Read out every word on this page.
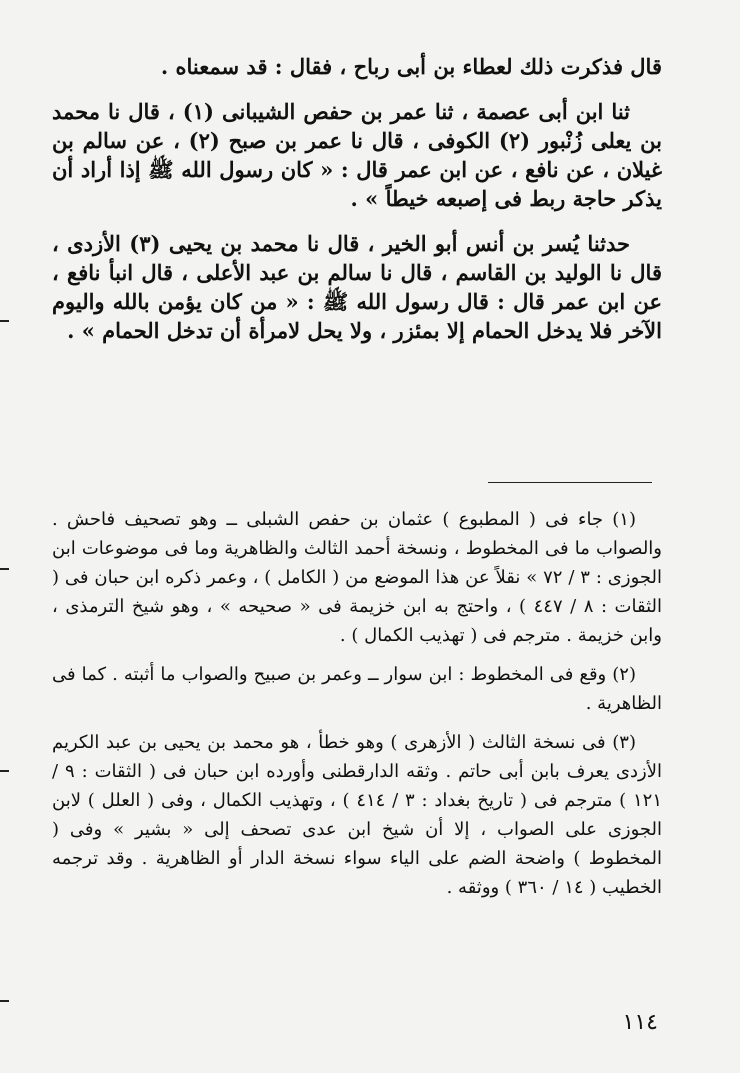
قال فذكرت ذلك لعطاء بن أبى رباح ، فقال : قد سمعناه .

ثنا ابن أبى عصمة ، ثنا عمر بن حفص الشيبانى (١) ، قال نا محمد بن يعلى زُنْبور (٢) الكوفى ، قال نا عمر بن صبح (٢) ، عن سالم بن غيلان ، عن نافع ، عن ابن عمر قال : « كان رسول الله ﷺ إذا أراد أن يذكر حاجة ربط فى إصبعه خيطاً » .

حدثنا يُسر بن أنس أبو الخير ، قال نا محمد بن يحيى (٣) الأزدى ، قال نا الوليد بن القاسم ، قال نا سالم بن عبد الأعلى ، قال انبأ نافع ، عن ابن عمر قال : قال رسول الله ﷺ : « من كان يؤمن بالله واليوم الآخر فلا يدخل الحمام إلا بمئزر ، ولا يحل لامرأة أن تدخل الحمام » .

(١) جاء فى ( المطبوع ) عثمان بن حفص الشبلى ــ وهو تصحيف فاحش . والصواب ما فى المخطوط ، ونسخة أحمد الثالث والظاهرية وما فى موضوعات ابن الجوزى : ٣ / ٧٢ » نقلاً عن هذا الموضع من ( الكامل ) ، وعمر ذكره ابن حبان فى ( الثقات : ٨ / ٤٤٧ ) ، واحتج به ابن خزيمة فى « صحيحه » ، وهو شيخ الترمذى ، وابن خزيمة . مترجم فى ( تهذيب الكمال ) .

(٢) وقع فى المخطوط : ابن سوار ــ وعمر بن صبيح والصواب ما أثبته . كما فى الظاهرية .

(٣) فى نسخة الثالث ( الأزهرى ) وهو خطأ ، هو محمد بن يحيى بن عبد الكريم الأزدى يعرف بابن أبى حاتم . وثقه الدارقطنى وأورده ابن حبان فى ( الثقات : ٩ / ١٢١ ) مترجم فى ( تاريخ بغداد : ٣ / ٤١٤ ) ، وتهذيب الكمال ، وفى ( العلل ) لابن الجوزى على الصواب ، إلا أن شيخ ابن عدى تصحف إلى « بشير » وفى ( المخطوط ) واضحة الضم على الياء سواء نسخة الدار أو الظاهرية . وقد ترجمه الخطيب ( ١٤ / ٣٦٠ ) ووثقه .

١١٤
